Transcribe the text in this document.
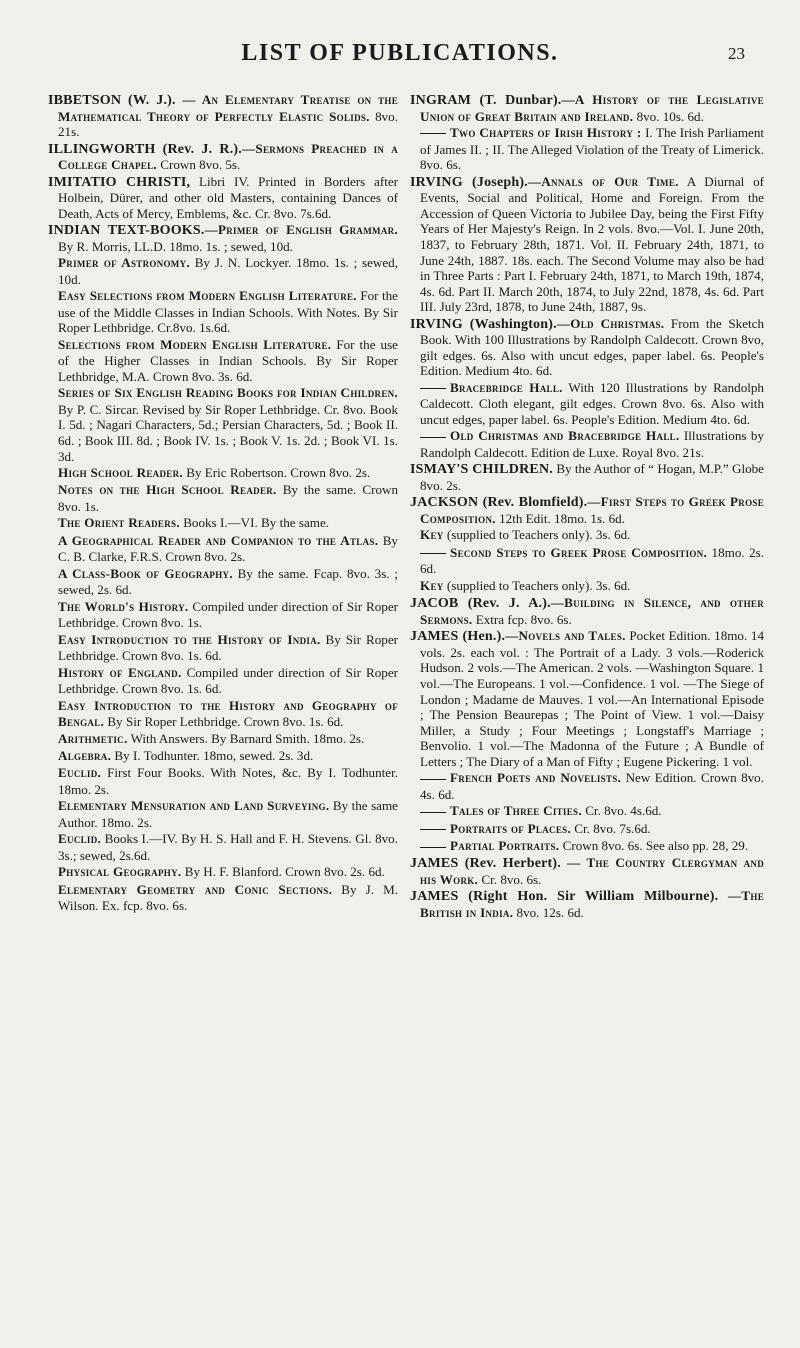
LIST OF PUBLICATIONS.	23

IBBETSON (W. J.). — An Elementary Treatise on the Mathematical Theory of Perfectly Elastic Solids. 8vo. 21s.

ILLINGWORTH (Rev. J. R.).—Sermons Preached in a College Chapel. Crown 8vo. 5s.

IMITATIO CHRISTI, Libri IV. Printed in Borders after Holbein, Dürer, and other old Masters, containing Dances of Death, Acts of Mercy, Emblems, &c. Cr. 8vo. 7s.6d.

INDIAN TEXT-BOOKS.—Primer of English Grammar. By R. Morris, LL.D. 18mo. 1s. ; sewed, 10d.

Primer of Astronomy. By J. N. Lockyer. 18mo. 1s. ; sewed, 10d.

Easy Selections from Modern English Literature. For the use of the Middle Classes in Indian Schools. With Notes. By Sir Roper Lethbridge. Cr.8vo. 1s.6d.

Selections from Modern English Literature. For the use of the Higher Classes in Indian Schools. By Sir Roper Lethbridge, M.A. Crown 8vo. 3s. 6d.

Series of Six English Reading Books for Indian Children. By P. C. Sircar. Revised by Sir Roper Lethbridge. Cr. 8vo. Book I. 5d. ; Nagari Characters, 5d.; Persian Characters, 5d. ; Book II. 6d. ; Book III. 8d. ; Book IV. 1s. ; Book V. 1s. 2d. ; Book VI. 1s. 3d.

High School Reader. By Eric Robertson. Crown 8vo. 2s.

Notes on the High School Reader. By the same. Crown 8vo. 1s.

The Orient Readers. Books I.—VI. By the same.

A Geographical Reader and Companion to the Atlas. By C. B. Clarke, F.R.S. Crown 8vo. 2s.

A Class-Book of Geography. By the same. Fcap. 8vo. 3s. ; sewed, 2s. 6d.

The World's History. Compiled under direction of Sir Roper Lethbridge. Crown 8vo. 1s.

Easy Introduction to the History of India. By Sir Roper Lethbridge. Crown 8vo. 1s. 6d.

History of England. Compiled under direction of Sir Roper Lethbridge. Crown 8vo. 1s. 6d.

Easy Introduction to the History and Geography of Bengal. By Sir Roper Lethbridge. Crown 8vo. 1s. 6d.

Arithmetic. With Answers. By Barnard Smith. 18mo. 2s.

Algebra. By I. Todhunter. 18mo, sewed. 2s. 3d.

Euclid. First Four Books. With Notes, &c. By I. Todhunter. 18mo. 2s.

Elementary Mensuration and Land Surveying. By the same Author. 18mo. 2s.

Euclid. Books I.—IV. By H. S. Hall and F. H. Stevens. Gl. 8vo. 3s.; sewed, 2s.6d.

Physical Geography. By H. F. Blanford. Crown 8vo. 2s. 6d.

Elementary Geometry and Conic Sections. By J. M. Wilson. Ex. fcp. 8vo. 6s.

INGRAM (T. Dunbar).—A History of the Legislative Union of Great Britain and Ireland. 8vo. 10s. 6d.

Two Chapters of Irish History : I. The Irish Parliament of James II. ; II. The Alleged Violation of the Treaty of Limerick. 8vo. 6s.

IRVING (Joseph).—Annals of Our Time. A Diurnal of Events, Social and Political, Home and Foreign. From the Accession of Queen Victoria to Jubilee Day, being the First Fifty Years of Her Majesty's Reign. In 2 vols. 8vo.—Vol. I. June 20th, 1837, to February 28th, 1871. Vol. II. February 24th, 1871, to June 24th, 1887. 18s. each. The Second Volume may also be had in Three Parts : Part I. February 24th, 1871, to March 19th, 1874, 4s. 6d. Part II. March 20th, 1874, to July 22nd, 1878, 4s. 6d. Part III. July 23rd, 1878, to June 24th, 1887, 9s.

IRVING (Washington).—Old Christmas. From the Sketch Book. With 100 Illustrations by Randolph Caldecott. Crown 8vo, gilt edges. 6s. Also with uncut edges, paper label. 6s. People's Edition. Medium 4to. 6d.

Bracebridge Hall. With 120 Illustrations by Randolph Caldecott. Cloth elegant, gilt edges. Crown 8vo. 6s. Also with uncut edges, paper label. 6s. People's Edition. Medium 4to. 6d.

Old Christmas and Bracebridge Hall. Illustrations by Randolph Caldecott. Edition de Luxe. Royal 8vo. 21s.

ISMAY'S CHILDREN. By the Author of “ Hogan, M.P.” Globe 8vo. 2s.

JACKSON (Rev. Blomfield).—First Steps to Greek Prose Composition. 12th Edit. 18mo. 1s. 6d.

Key (supplied to Teachers only). 3s. 6d.

Second Steps to Greek Prose Composition. 18mo. 2s. 6d.

Key (supplied to Teachers only). 3s. 6d.

JACOB (Rev. J. A.).—Building in Silence, and other Sermons. Extra fcp. 8vo. 6s.

JAMES (Hen.).—Novels and Tales. Pocket Edition. 18mo. 14 vols. 2s. each vol. : The Portrait of a Lady. 3 vols.—Roderick Hudson. 2 vols.—The American. 2 vols. —Washington Square. 1 vol.—The Europeans. 1 vol.—Confidence. 1 vol. —The Siege of London ; Madame de Mauves. 1 vol.—An International Episode ; The Pension Beaurepas ; The Point of View. 1 vol.—Daisy Miller, a Study ; Four Meetings ; Longstaff's Marriage ; Benvolio. 1 vol.—The Madonna of the Future ; A Bundle of Letters ; The Diary of a Man of Fifty ; Eugene Pickering. 1 vol.

French Poets and Novelists. New Edition. Crown 8vo. 4s. 6d.

Tales of Three Cities. Cr. 8vo. 4s.6d.

Portraits of Places. Cr. 8vo. 7s.6d.

Partial Portraits. Crown 8vo. 6s. See also pp. 28, 29.

JAMES (Rev. Herbert). — The Country Clergyman and his Work. Cr. 8vo. 6s.

JAMES (Right Hon. Sir William Milbourne). —The British in India. 8vo. 12s. 6d.
